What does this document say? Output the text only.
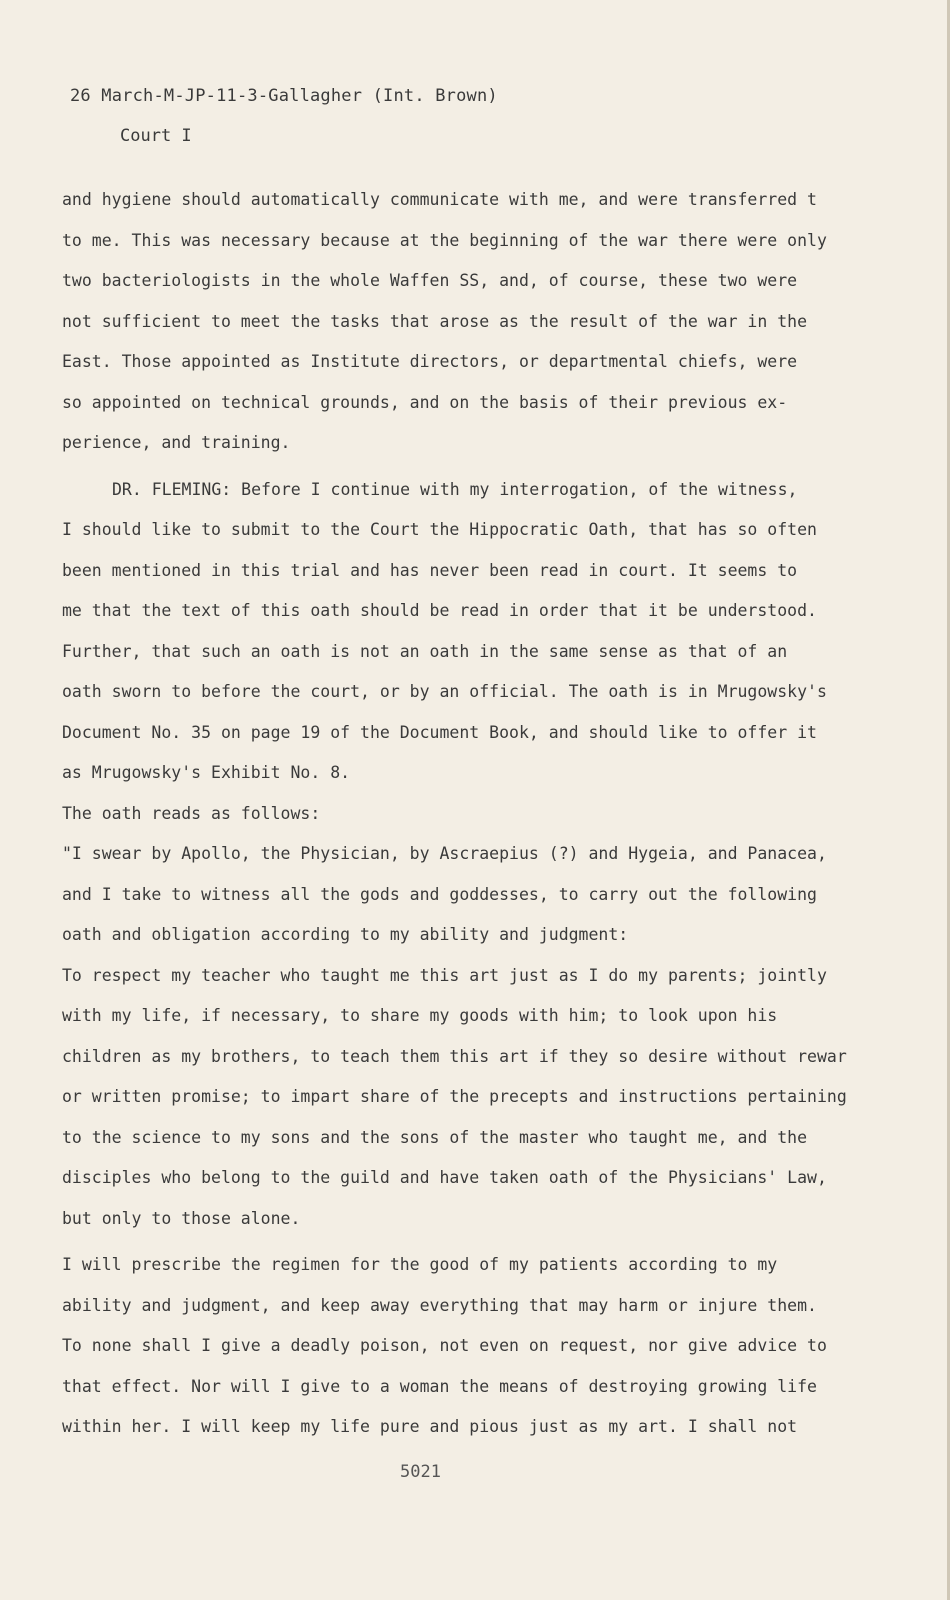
26 March-M-JP-11-3-Gallagher (Int. Brown)
Court I
and hygiene should automatically communicate with me, and were transferred t
to me. This was necessary because at the beginning of the war there were only
two bacteriologists in the whole Waffen SS, and, of course, these two were
not sufficient to meet the tasks that arose as the result of the war in the
East. Those appointed as Institute directors, or departmental chiefs, were
so appointed on technical grounds, and on the basis of their previous ex-
perience, and training.
DR. FLEMING: Before I continue with my interrogation, of the witness,
I should like to submit to the Court the Hippocratic Oath, that has so often
been mentioned in this trial and has never been read in court. It seems to
me that the text of this oath should be read in order that it be understood.
Further, that such an oath is not an oath in the same sense as that of an
oath sworn to before the court, or by an official. The oath is in Mrugowsky's
Document No. 35 on page 19 of the Document Book, and should like to offer it
as Mrugowsky's Exhibit No. 8.
The oath reads as follows:
"I swear by Apollo, the Physician, by Ascraepius (?) and Hygeia, and Panacea,
and I take to witness all the gods and goddesses, to carry out the following
oath and obligation according to my ability and judgment:
To respect my teacher who taught me this art just as I do my parents; jointly
with my life, if necessary, to share my goods with him; to look upon his
children as my brothers, to teach them this art if they so desire without rewar
or written promise; to impart share of the precepts and instructions pertaining
to the science to my sons and the sons of the master who taught me, and the
disciples who belong to the guild and have taken oath of the Physicians' Law,
but only to those alone.
I will prescribe the regimen for the good of my patients according to my
ability and judgment, and keep away everything that may harm or injure them.
To none shall I give a deadly poison, not even on request, nor give advice to
that effect. Nor will I give to a woman the means of destroying growing life
within her. I will keep my life pure and pious just as my art. I shall not
5021
